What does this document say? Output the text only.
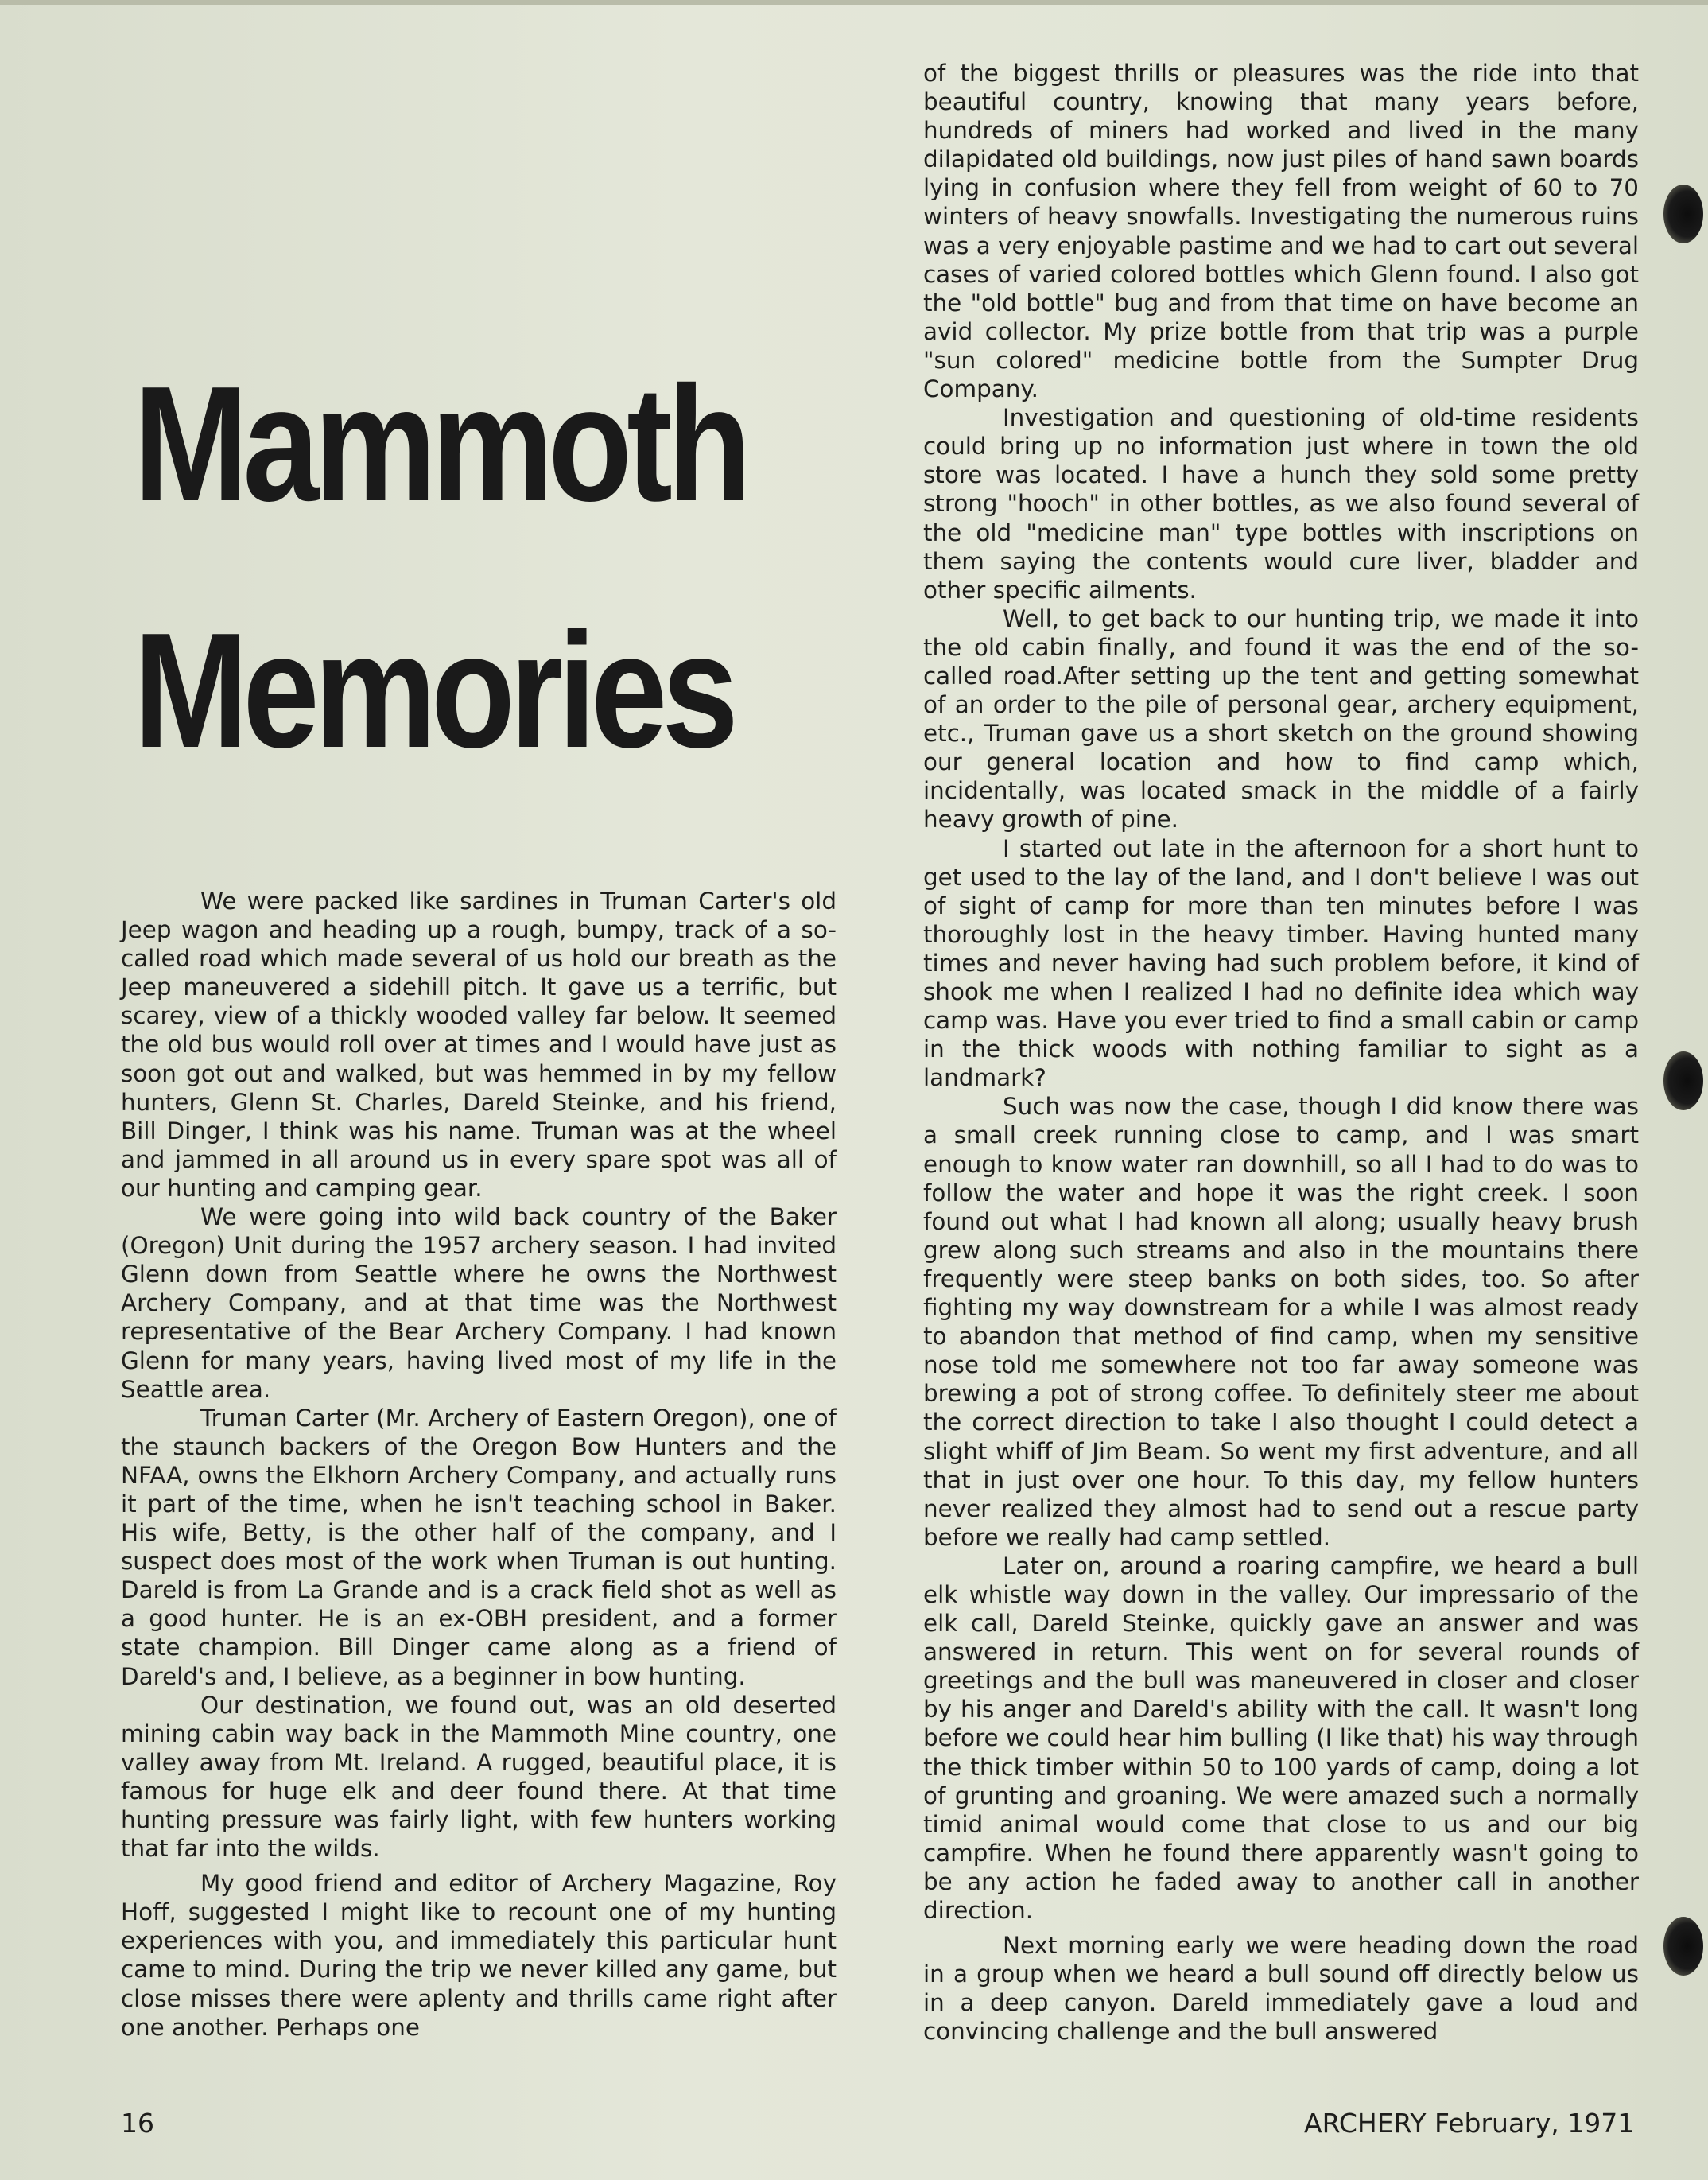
Mammoth
Memories

We were packed like sardines in Truman Carter's old Jeep wagon and heading up a rough, bumpy, track of a so-called road which made several of us hold our breath as the Jeep maneuvered a sidehill pitch. It gave us a terrific, but scarey, view of a thickly wooded valley far below. It seemed the old bus would roll over at times and I would have just as soon got out and walked, but was hemmed in by my fellow hunters, Glenn St. Charles, Dareld Steinke, and his friend, Bill Dinger, I think was his name. Truman was at the wheel and jammed in all around us in every spare spot was all of our hunting and camping gear.

We were going into wild back country of the Baker (Oregon) Unit during the 1957 archery season. I had invited Glenn down from Seattle where he owns the Northwest Archery Company, and at that time was the Northwest representative of the Bear Archery Company. I had known Glenn for many years, having lived most of my life in the Seattle area.

Truman Carter (Mr. Archery of Eastern Oregon), one of the staunch backers of the Oregon Bow Hunters and the NFAA, owns the Elkhorn Archery Company, and actually runs it part of the time, when he isn't teaching school in Baker. His wife, Betty, is the other half of the company, and I suspect does most of the work when Truman is out hunting. Dareld is from La Grande and is a crack field shot as well as a good hunter. He is an ex-OBH president, and a former state champion. Bill Dinger came along as a friend of Dareld's and, I believe, as a beginner in bow hunting.

Our destination, we found out, was an old deserted mining cabin way back in the Mammoth Mine country, one valley away from Mt. Ireland. A rugged, beautiful place, it is famous for huge elk and deer found there. At that time hunting pressure was fairly light, with few hunters working that far into the wilds.

My good friend and editor of Archery Magazine, Roy Hoff, suggested I might like to recount one of my hunting experiences with you, and immediately this particular hunt came to mind. During the trip we never killed any game, but close misses there were aplenty and thrills came right after one another. Perhaps one

of the biggest thrills or pleasures was the ride into that beautiful country, knowing that many years before, hundreds of miners had worked and lived in the many dilapidated old buildings, now just piles of hand sawn boards lying in confusion where they fell from weight of 60 to 70 winters of heavy snowfalls. Investigating the numerous ruins was a very enjoyable pastime and we had to cart out several cases of varied colored bottles which Glenn found. I also got the "old bottle" bug and from that time on have become an avid collector. My prize bottle from that trip was a purple "sun colored" medicine bottle from the Sumpter Drug Company.

Investigation and questioning of old-time residents could bring up no information just where in town the old store was located. I have a hunch they sold some pretty strong "hooch" in other bottles, as we also found several of the old "medicine man" type bottles with inscriptions on them saying the contents would cure liver, bladder and other specific ailments.

Well, to get back to our hunting trip, we made it into the old cabin finally, and found it was the end of the so-called road.After setting up the tent and getting somewhat of an order to the pile of personal gear, archery equipment, etc., Truman gave us a short sketch on the ground showing our general location and how to find camp which, incidentally, was located smack in the middle of a fairly heavy growth of pine.

I started out late in the afternoon for a short hunt to get used to the lay of the land, and I don't believe I was out of sight of camp for more than ten minutes before I was thoroughly lost in the heavy timber. Having hunted many times and never having had such problem before, it kind of shook me when I realized I had no definite idea which way camp was. Have you ever tried to find a small cabin or camp in the thick woods with nothing familiar to sight as a landmark?

Such was now the case, though I did know there was a small creek running close to camp, and I was smart enough to know water ran downhill, so all I had to do was to follow the water and hope it was the right creek. I soon found out what I had known all along; usually heavy brush grew along such streams and also in the mountains there frequently were steep banks on both sides, too. So after fighting my way downstream for a while I was almost ready to abandon that method of find camp, when my sensitive nose told me somewhere not too far away someone was brewing a pot of strong coffee. To definitely steer me about the correct direction to take I also thought I could detect a slight whiff of Jim Beam. So went my first adventure, and all that in just over one hour. To this day, my fellow hunters never realized they almost had to send out a rescue party before we really had camp settled.

Later on, around a roaring campfire, we heard a bull elk whistle way down in the valley. Our impressario of the elk call, Dareld Steinke, quickly gave an answer and was answered in return. This went on for several rounds of greetings and the bull was maneuvered in closer and closer by his anger and Dareld's ability with the call. It wasn't long before we could hear him bulling (I like that) his way through the thick timber within 50 to 100 yards of camp, doing a lot of grunting and groaning. We were amazed such a normally timid animal would come that close to us and our big campfire. When he found there apparently wasn't going to be any action he faded away to another call in another direction.

Next morning early we were heading down the road in a group when we heard a bull sound off directly below us in a deep canyon. Dareld immediately gave a loud and convincing challenge and the bull answered

16	ARCHERY February, 1971
